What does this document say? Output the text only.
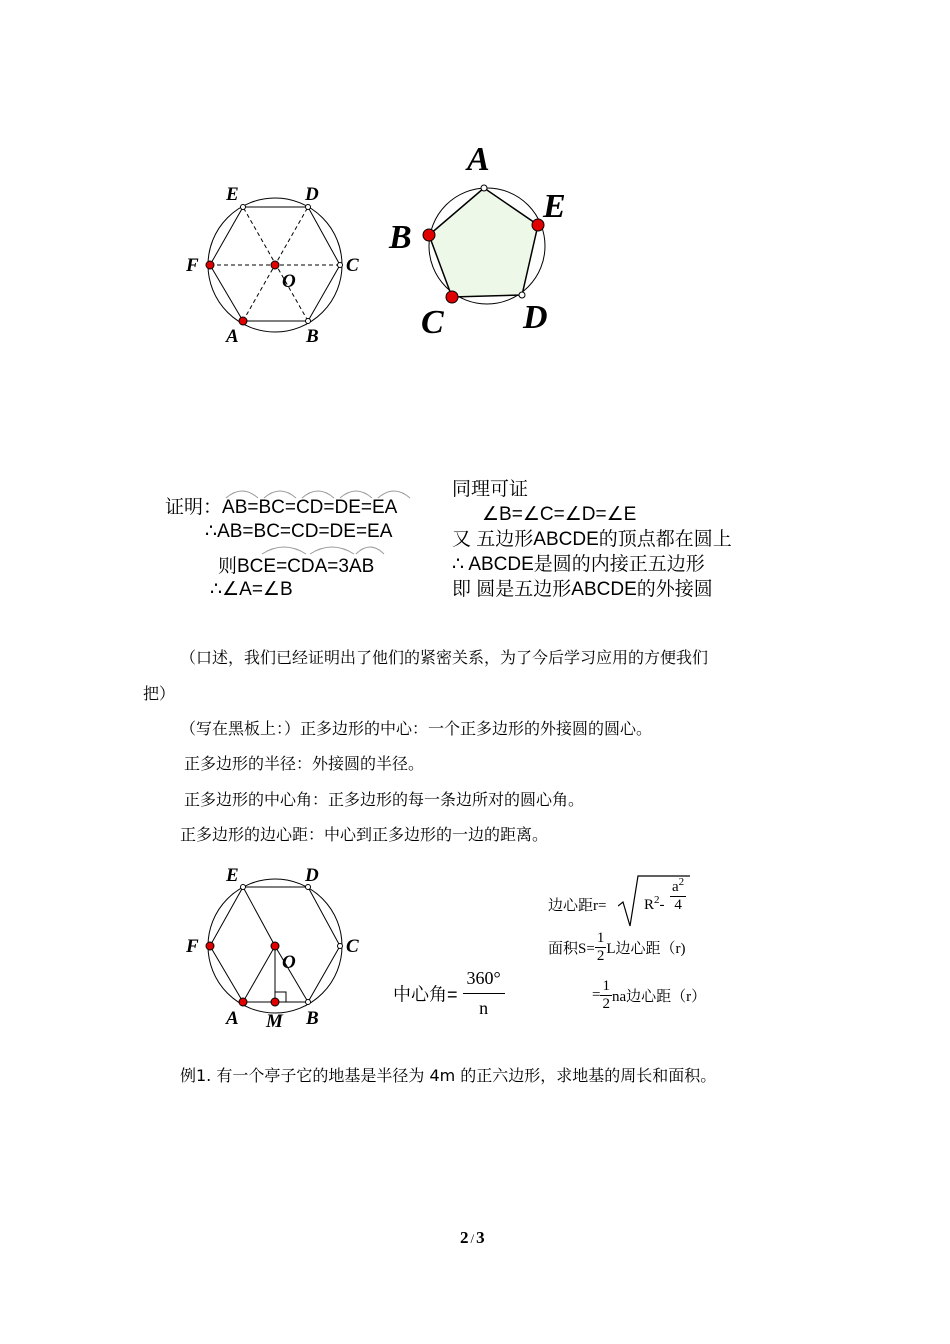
E	D
F	C
O
A	B
A
E
B
C D
证明：AB=BC=CD=DE=EA
∴AB=BC=CD=DE=EA
则BCE=CDA=3AB
∴∠A=∠B
同理可证
∠B=∠C=∠D=∠E
又 五边形ABCDE的顶点都在圆上
∴ ABCDE是圆的内接正五边形
即 圆是五边形ABCDE的外接圆
（口述，我们已经证明出了他们的紧密关系，为了今后学习应用的方便我们
把）
（写在黑板上：）正多边形的中心：一个正多边形的外接圆的圆心。
正多边形的半径：外接圆的半径。
正多边形的中心角：正多边形的每一条边所对的圆心角。
正多边形的边心距：中心到正多边形的一边的距离。
E	D
F	C
O
A M B
中心角= $\frac{360^\circ}{n}$
边心距r=	$R^2- \frac{a^2}{4}$
面积$S= \frac{1}{2}$ L边心距（r)
= $\frac{1}{2}$ na边心距（r）
例1. 有一个亭子它的地基是半径为 4m 的正六边形，求地基的周长和面积。
2 / 3
